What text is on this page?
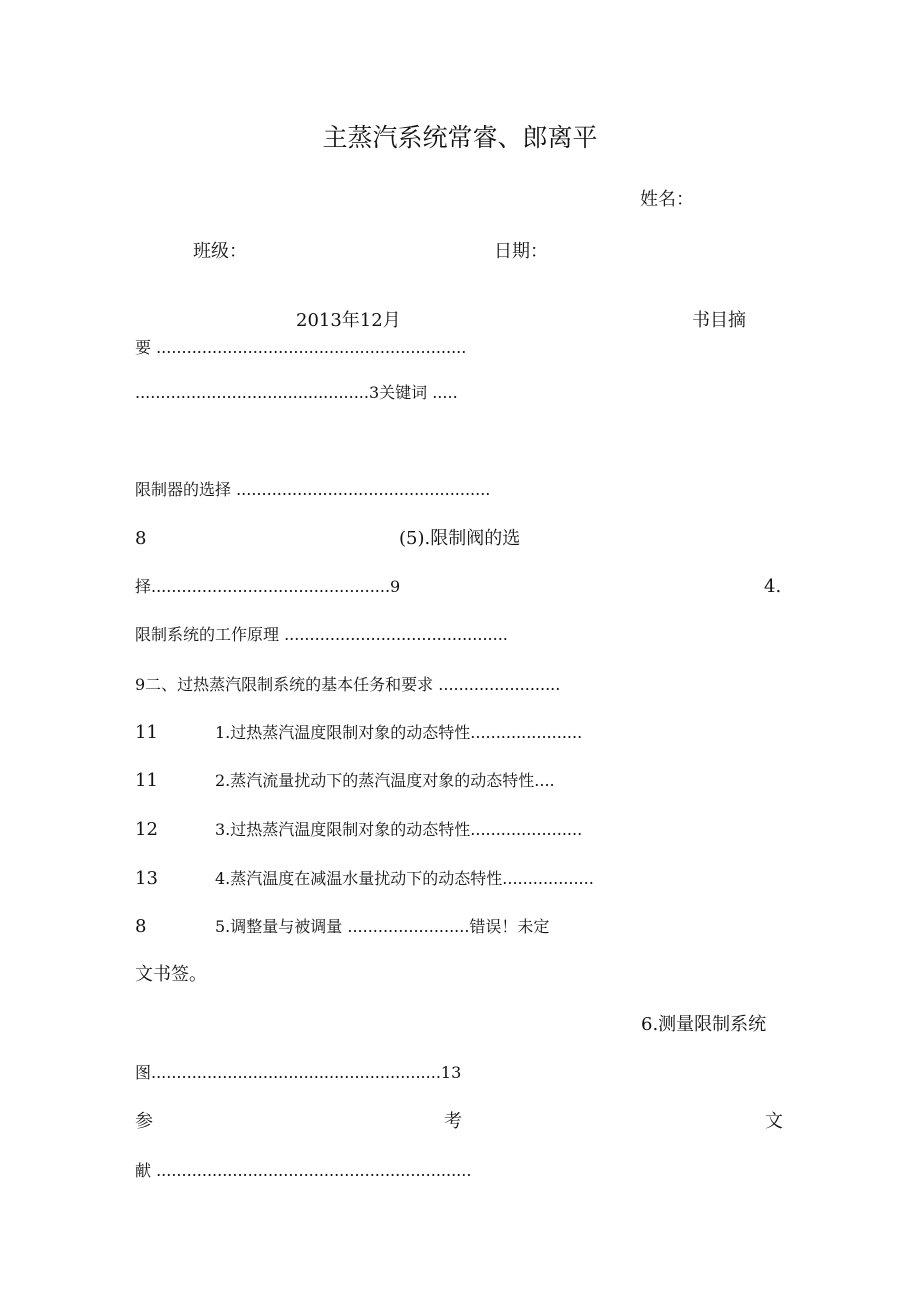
主蒸汽系统常睿、郎离平
姓名：
班级：	日期：
2013年12月	书目摘
要 .............................................................
..............................................3关键词 .....
限制器的选择 ..................................................
8	(5).限制阀的选
择...............................................9	4.
限制系统的工作原理 ............................................
9二、过热蒸汽限制系统的基本任务和要求 ........................
11	1.过热蒸汽温度限制对象的动态特性......................
11	2.蒸汽流量扰动下的蒸汽温度对象的动态特性....
12	3.过热蒸汽温度限制对象的动态特性......................
13	4.蒸汽温度在减温水量扰动下的动态特性..................
8	5.调整量与被调量 ........................错误！未定
文书签。
6.测量限制系统
图.........................................................13
参	考	文
献 ..............................................................
